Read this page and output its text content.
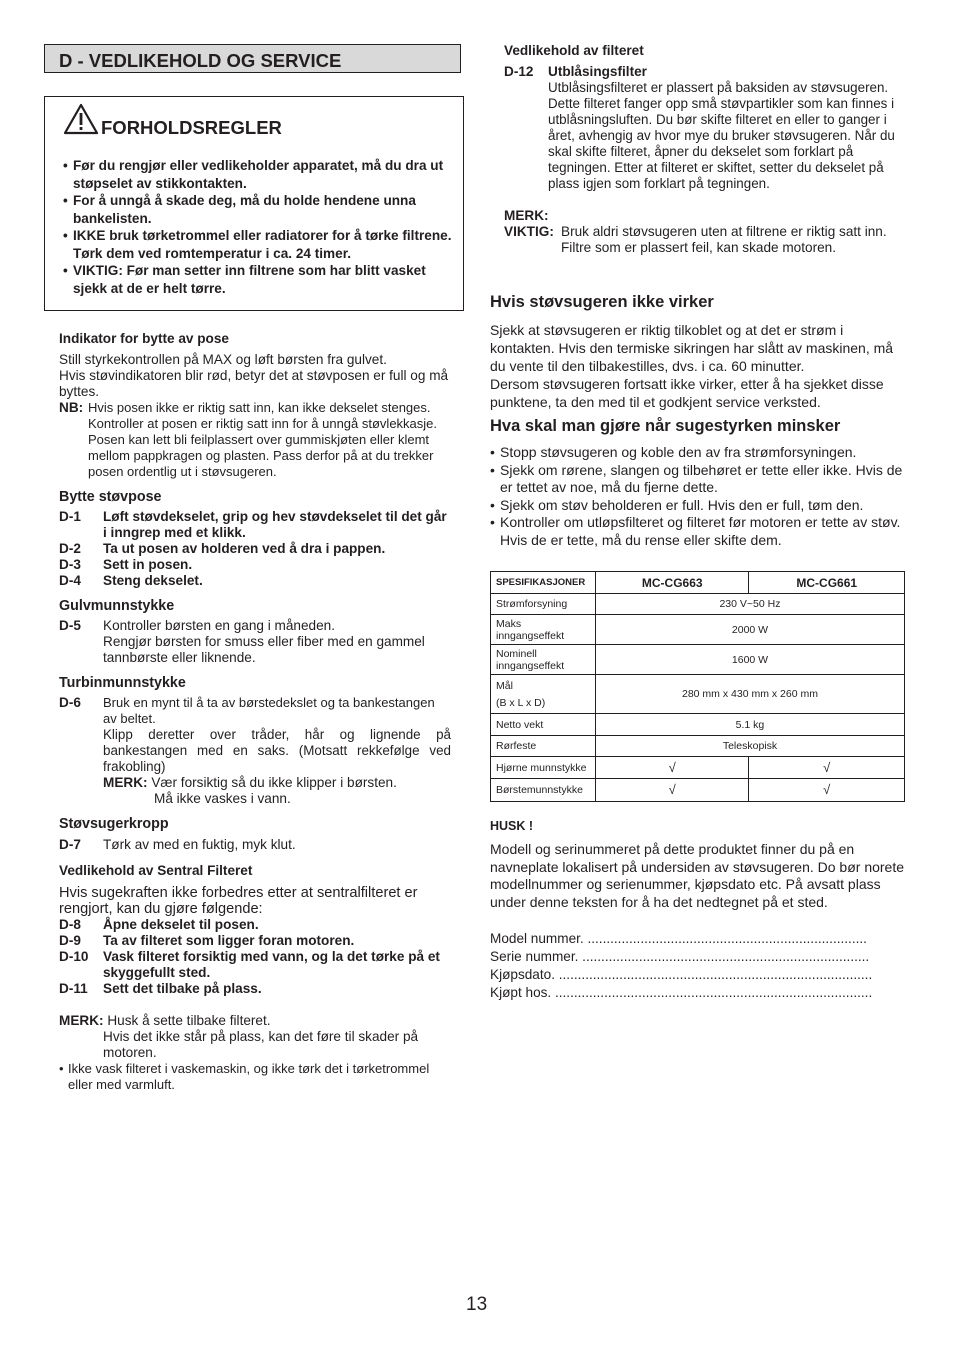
D - VEDLIKEHOLD OG SERVICE
FORHOLDSREGLER
• Før du rengjør eller vedlikeholder apparatet, må du dra ut støpselet av stikkontakten.
• For å unngå å skade deg, må du holde hendene unna bankelisten.
• IKKE bruk tørketrommel eller radiatorer for å tørke filtrene. Tørk dem ved romtemperatur i ca. 24 timer.
• VIKTIG: Før man setter inn filtrene som har blitt vasket sjekk at de er helt tørre.

Indikator for bytte av pose

Still styrkekontrollen på MAX og løft børsten fra gulvet.

Hvis støvindikatoren blir rød, betyr det at støvposen er full og må byttes.

NB: Hvis posen ikke er riktig satt inn, kan ikke dekselet stenges. Kontroller at posen er riktig satt inn for å unngå støvlekkasje. Posen kan lett bli feilplassert over gummiskjøten eller klemt mellom pappkragen og plasten. Pass derfor på at du trekker posen ordentlig ut i støvsugeren.

Bytte støvpose

D-1 Løft støvdekselet, grip og hev støvdekselet til det går i inngrep med et klikk.
D-2 Ta ut posen av holderen ved å dra i pappen.
D-3 Sett in posen.
D-4 Steng dekselet.

Gulvmunnstykke

D-5 Kontroller børsten en gang i måneden.
Rengjør børsten for smuss eller fiber med en gammel tannbørste eller liknende.

Turbinmunnstykke

D-6 Bruk en mynt til å ta av børstedekslet og ta bankestangen av beltet.
Klipp deretter over tråder, hår og lignende på bankestangen med en saks. (Motsatt rekkefølge ved frakobling)
MERK: Vær forsiktig så du ikke klipper i børsten.
Må ikke vaskes i vann.

Støvsugerkropp

D-7 Tørk av med en fuktig, myk klut.

Vedlikehold av Sentral Filteret

Hvis sugekraften ikke forbedres etter at sentralfilteret er rengjort, kan du gjøre følgende:

D-8 Åpne dekselet til posen.
D-9 Ta av filteret som ligger foran motoren.
D-10 Vask filteret forsiktig med vann, og la det tørke på et skyggefullt sted.
D-11 Sett det tilbake på plass.
MERK: Husk å sette tilbake filteret.
Hvis det ikke står på plass, kan det føre til skader på motoren.
• Ikke vask filteret i vaskemaskin, og ikke tørk det i tørketrommel eller med varmluft.

Vedlikehold av filteret

D-12 Utblåsingsfilter
Utblåsingsfilteret er plassert på baksiden av støvsugeren. Dette filteret fanger opp små støvpartikler som kan finnes i utblåsningsluften. Du bør skifte filteret en eller to ganger i året, avhengig av hvor mye du bruker støvsugeren. Når du skal skifte filteret, åpner du dekselet som forklart på tegningen. Etter at filteret er skiftet, setter du dekselet på plass igjen som forklart på tegningen.
MERK:
VIKTIG: Bruk aldri støvsugeren uten at filtrene er riktig satt inn.
Filtre som er plassert feil, kan skade motoren.

Hvis støvsugeren ikke virker

Sjekk at støvsugeren er riktig tilkoblet og at det er strøm i kontakten. Hvis den termiske sikringen har slått av maskinen, må du vente til den tilbakestilles, dvs. i ca. 60 minutter.

Dersom støvsugeren fortsatt ikke virker, etter å ha sjekket disse punktene, ta den med til et godkjent service verksted.

Hva skal man gjøre når sugestyrken minsker

• Stopp støvsugeren og koble den av fra strømforsyningen.
• Sjekk om rørene, slangen og tilbehøret er tette eller ikke. Hvis de er tettet av noe, må du fjerne dette.
• Sjekk om støv beholderen er full. Hvis den er full, tøm den.
• Kontroller om utløpsfilteret og filteret før motoren er tette av støv. Hvis de er tette, må du rense eller skifte dem.
SPESIFIKASJONER	MC-CG663	MC-CG661
Strømforsyning	230 V~50 Hz	

Maks
inngangseffekt	2000 W	

Nominell
inngangseffekt	1600 W	

Mål
(B x L x D)	280 mm x 430 mm x 260 mm	
Netto vekt	5.1 kg	
Rørfeste	Teleskopisk	
Hjørne munnstykke	√	√
Børstemunnstykke	√	√

HUSK !

Modell og serinummeret på dette produktet finner du på en navneplate lokalisert på undersiden av støvsugeren. Do bør norete modellnummer og serienummer, kjøpsdato etc. På avsatt plass under denne teksten for å ha det nedtegnet på et sted.

Model nummer. ..........................................................................
Serie nummer. ............................................................................
Kjøpsdato. ...................................................................................
Kjøpt hos. ....................................................................................
13
